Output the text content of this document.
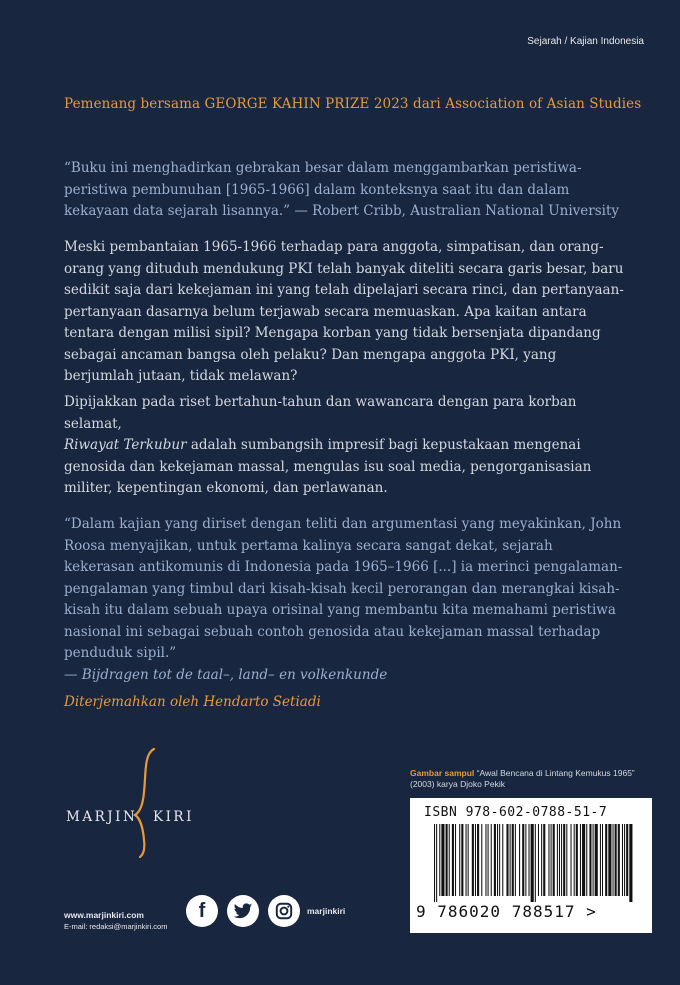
Sejarah / Kajian Indonesia
Pemenang bersama GEORGE KAHIN PRIZE 2023 dari Association of Asian Studies

“Buku ini menghadirkan gebrakan besar dalam menggambarkan peristiwa-peristiwa pembunuhan [1965-1966] dalam konteksnya saat itu dan dalam kekayaan data sejarah lisannya.” — Robert Cribb, Australian National University

Meski pembantaian 1965-1966 terhadap para anggota, simpatisan, dan orang-orang yang dituduh mendukung PKI telah banyak diteliti secara garis besar, baru sedikit saja dari kekejaman ini yang telah dipelajari secara rinci, dan pertanyaan-pertanyaan dasarnya belum terjawab secara memuaskan. Apa kaitan antara tentara dengan milisi sipil? Mengapa korban yang tidak bersenjata dipandang sebagai ancaman bangsa oleh pelaku? Dan mengapa anggota PKI, yang berjumlah jutaan, tidak melawan?

Dipijakkan pada riset bertahun-tahun dan wawancara dengan para korban selamat,
Riwayat Terkubur adalah sumbangsih impresif bagi kepustakaan mengenai genosida dan kekejaman massal, mengulas isu soal media, pengorganisasian militer, kepentingan ekonomi, dan perlawanan.

“Dalam kajian yang diriset dengan teliti dan argumentasi yang meyakinkan, John Roosa menyajikan, untuk pertama kalinya secara sangat dekat, sejarah kekerasan antikomunis di Indonesia pada 1965–1966 [...] ia merinci pengalaman-pengalaman yang timbul dari kisah-kisah kecil perorangan dan merangkai kisah-kisah itu dalam sebuah upaya orisinal yang membantu kita memahami peristiwa nasional ini sebagai sebuah contoh genosida atau kekejaman massal terhadap penduduk sipil.”
— Bijdragen tot de taal–, land– en volkenkunde

Diterjemahkan oleh Hendarto Setiadi
MARJIN KIRI
www.marjinkiri.com
E-mail: redaksi@marjinkiri.com
f	marjinkiri
Gambar sampul “Awal Bencana di Lintang Kemukus 1965” (2003) karya Djoko Pekik
ISBN 978-602-0788-51-7
9 786020 788517 >
